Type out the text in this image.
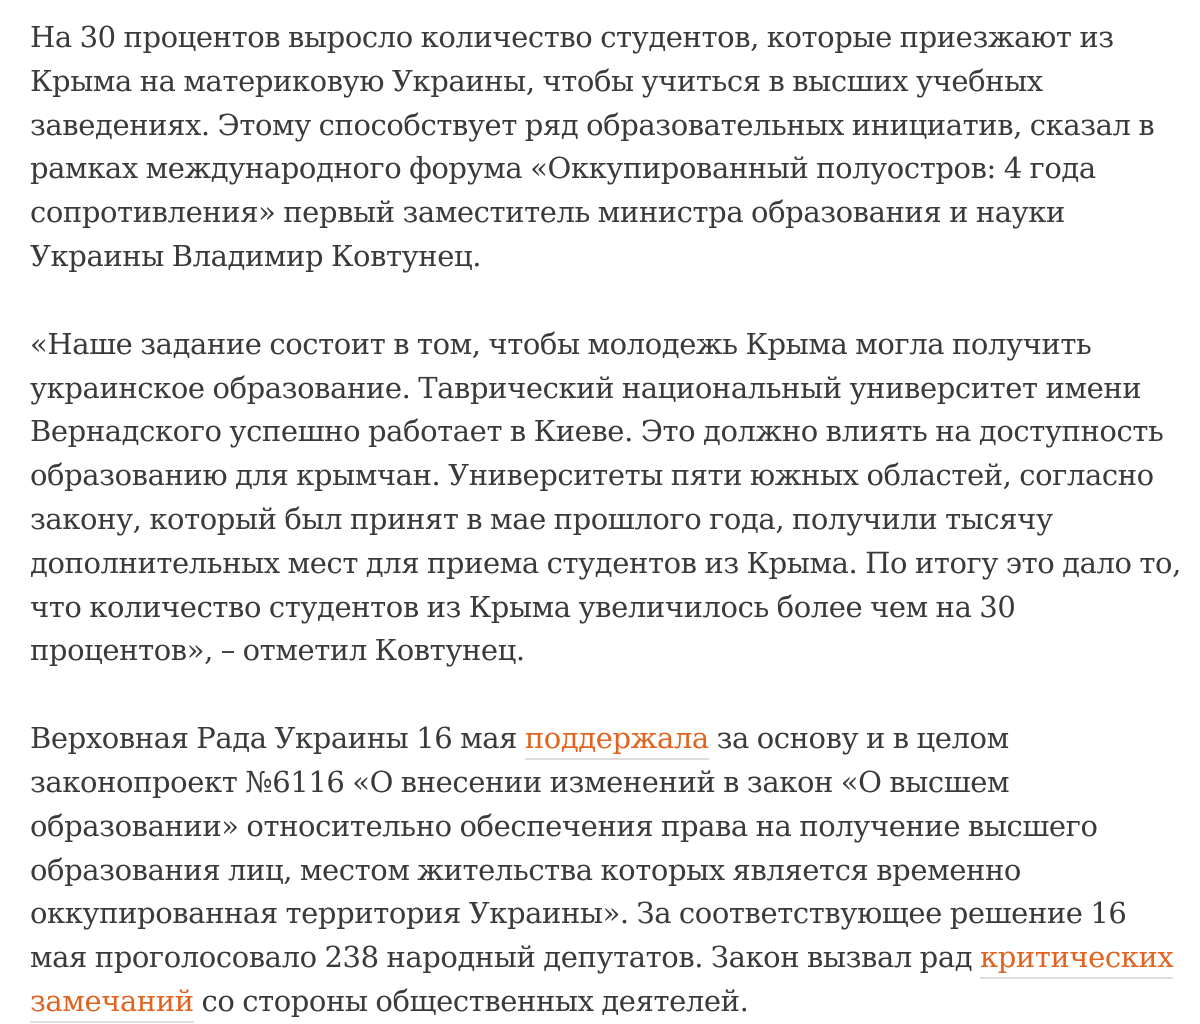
На 30 процентов выросло количество студентов, которые приезжают из Крыма на материковую Украины, чтобы учиться в высших учебных заведениях. Этому способствует ряд образовательных инициатив, сказал в рамках международного форума «Оккупированный полуостров: 4 года сопротивления» первый заместитель министра образования и науки Украины Владимир Ковтунец.

«Наше задание состоит в том, чтобы молодежь Крыма могла получить украинское образование. Таврический национальный университет имени Вернадского успешно работает в Киеве. Это должно влиять на доступность образованию для крымчан. Университеты пяти южных областей, согласно закону, который был принят в мае прошлого года, получили тысячу дополнительных мест для приема студентов из Крыма. По итогу это дало то, что количество студентов из Крыма увеличилось более чем на 30 процентов», – отметил Ковтунец.

Верховная Рада Украины 16 мая поддержала за основу и в целом законопроект №6116 «О внесении изменений в закон «О высшем образовании» относительно обеспечения права на получение высшего образования лиц, местом жительства которых является временно оккупированная территория Украины». За соответствующее решение 16 мая проголосовало 238 народный депутатов. Закон вызвал рад критических замечаний со стороны общественных деятелей.
